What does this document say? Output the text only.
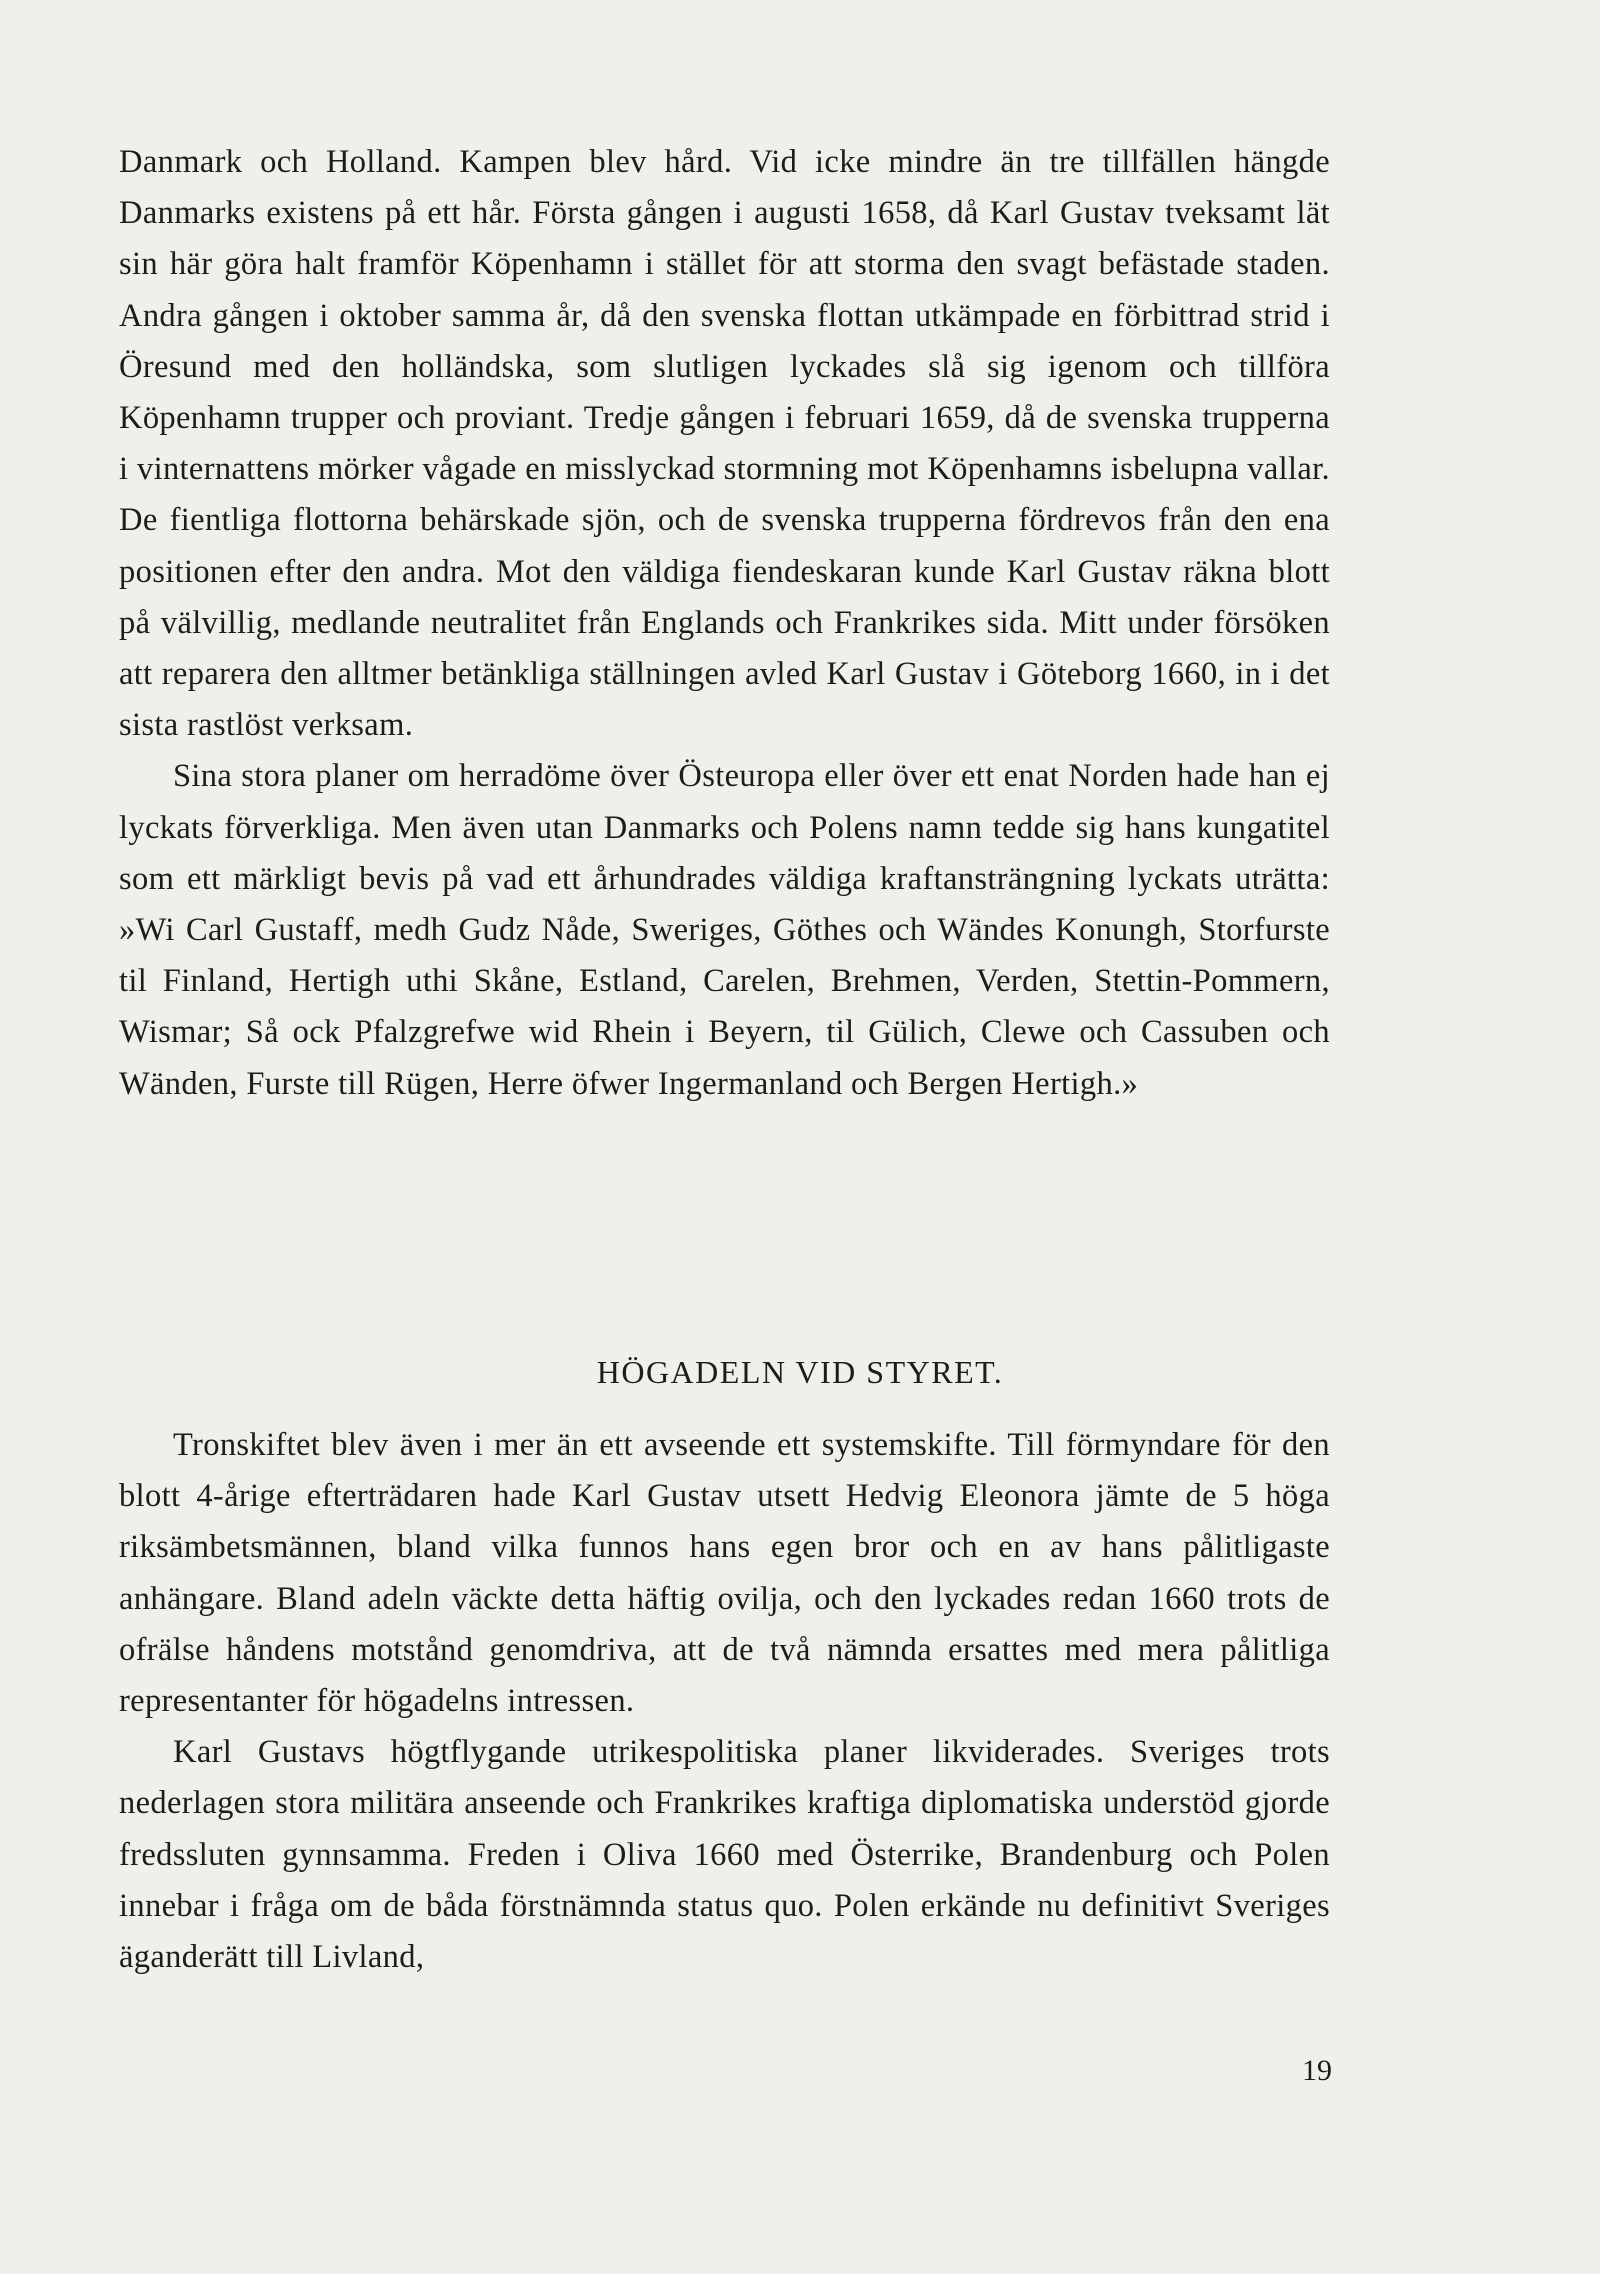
Danmark och Holland. Kampen blev hård. Vid icke mindre än tre tillfällen hängde Danmarks existens på ett hår. Första gången i augusti 1658, då Karl Gustav tveksamt lät sin här göra halt framför Köpenhamn i stället för att storma den svagt befästade staden. Andra gången i oktober samma år, då den svenska flottan utkämpade en förbittrad strid i Öresund med den holländska, som slutligen lyckades slå sig igenom och tillföra Köpenhamn trupper och proviant. Tredje gången i februari 1659, då de svenska trupperna i vinternattens mörker vågade en misslyckad stormning mot Köpenhamns isbelupna vallar. De fientliga flottorna behärskade sjön, och de svenska trupperna fördrevos från den ena positionen efter den andra. Mot den väldiga fiendeskaran kunde Karl Gustav räkna blott på välvillig, medlande neutralitet från Englands och Frankrikes sida. Mitt under försöken att reparera den alltmer betänkliga ställningen avled Karl Gustav i Göteborg 1660, in i det sista rastlöst verksam.

Sina stora planer om herradöme över Östeuropa eller över ett enat Norden hade han ej lyckats förverkliga. Men även utan Danmarks och Polens namn tedde sig hans kungatitel som ett märkligt bevis på vad ett århundrades väldiga kraftansträngning lyckats uträtta: »Wi Carl Gustaff, medh Gudz Nåde, Sweriges, Göthes och Wändes Konungh, Storfurste til Finland, Hertigh uthi Skåne, Estland, Carelen, Brehmen, Verden, Stettin-Pommern, Wismar; Så ock Pfalzgrefwe wid Rhein i Beyern, til Gülich, Clewe och Cassuben och Wänden, Furste till Rügen, Herre öfwer Ingermanland och Bergen Hertigh.»

HÖGADELN VID STYRET.

Tronskiftet blev även i mer än ett avseende ett systemskifte. Till förmyndare för den blott 4-årige efterträdaren hade Karl Gustav utsett Hedvig Eleonora jämte de 5 höga riksämbetsmännen, bland vilka funnos hans egen bror och en av hans pålitligaste anhängare. Bland adeln väckte detta häftig ovilja, och den lyckades redan 1660 trots de ofrälse håndens motstånd genomdriva, att de två nämnda ersattes med mera pålitliga representanter för högadelns intressen.

Karl Gustavs högtflygande utrikespolitiska planer likviderades. Sveriges trots nederlagen stora militära anseende och Frankrikes kraftiga diplomatiska understöd gjorde fredssluten gynnsamma. Freden i Oliva 1660 med Österrike, Brandenburg och Polen innebar i fråga om de båda förstnämnda status quo. Polen erkände nu definitivt Sveriges äganderätt till Livland,

19
